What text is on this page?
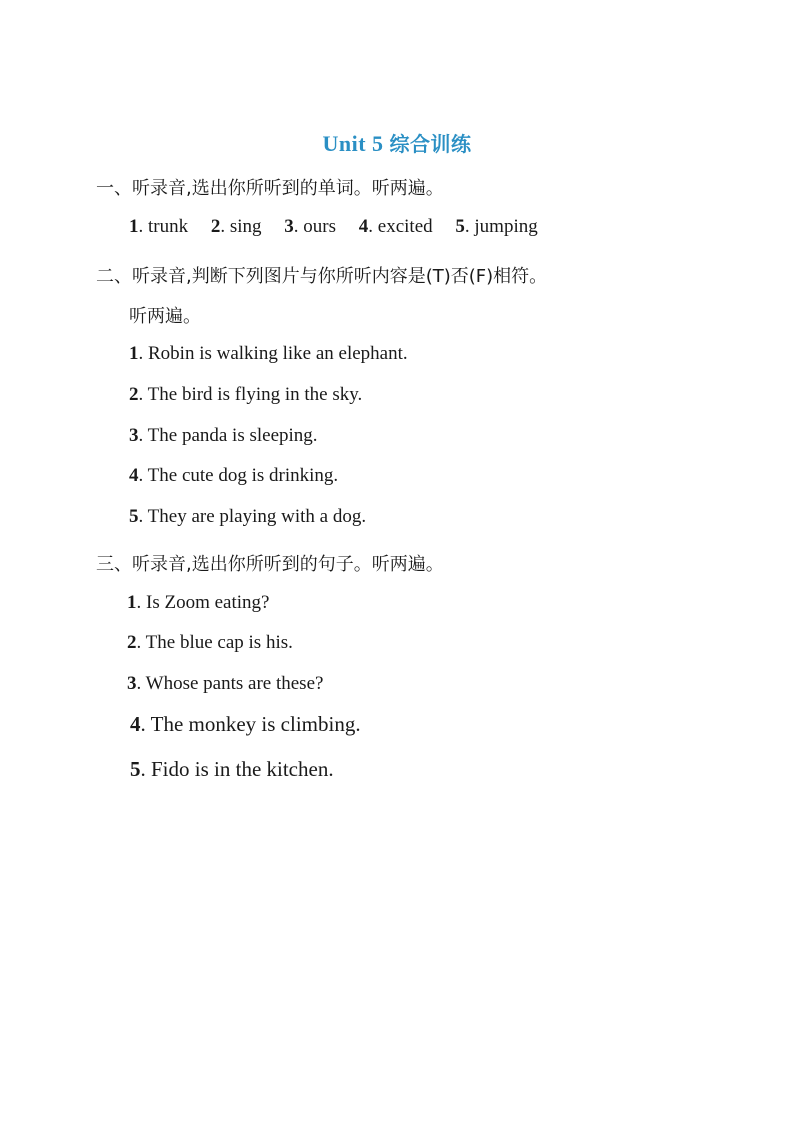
Unit 5 综合训练
一、听录音,选出你所听到的单词。听两遍。
1. trunk 2. sing 3. ours 4. excited 5. jumping
二、听录音,判断下列图片与你所听内容是(T)否(F)相符。
听两遍。
1. Robin is walking like an elephant.
2. The bird is flying in the sky.
3. The panda is sleeping.
4. The cute dog is drinking.
5. They are playing with a dog.
三、听录音,选出你所听到的句子。听两遍。
1. Is Zoom eating?
2. The blue cap is his.
3. Whose pants are these?
4. The monkey is climbing.
5. Fido is in the kitchen.
